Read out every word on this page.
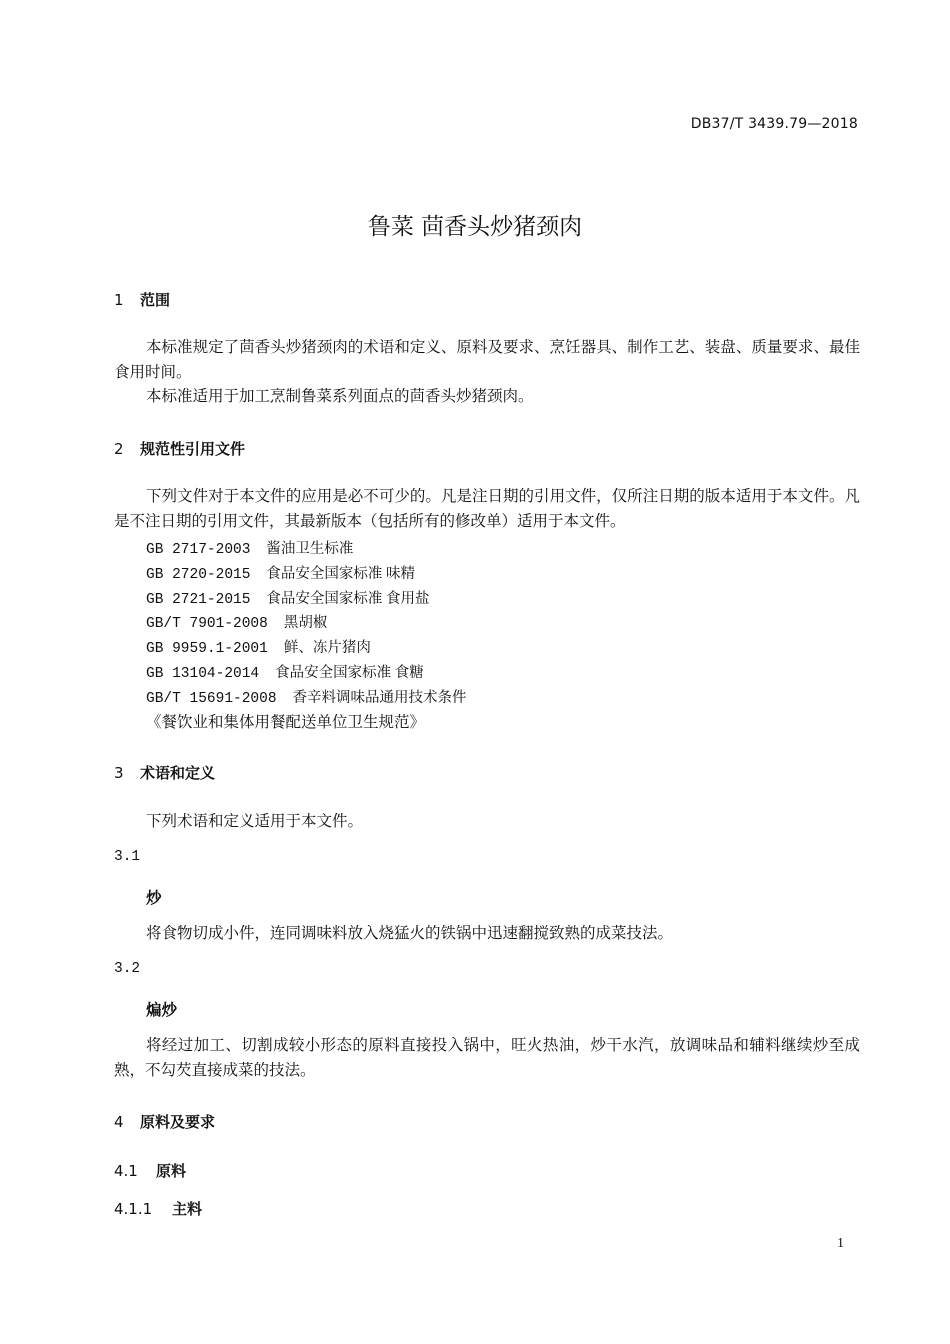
DB37/T 3439.79—2018
鲁菜 茴香头炒猪颈肉
1 范围
本标准规定了茴香头炒猪颈肉的术语和定义、原料及要求、烹饪器具、制作工艺、装盘、质量要求、最佳食用时间。
本标准适用于加工烹制鲁菜系列面点的茴香头炒猪颈肉。
2 规范性引用文件
下列文件对于本文件的应用是必不可少的。凡是注日期的引用文件，仅所注日期的版本适用于本文件。凡是不注日期的引用文件，其最新版本（包括所有的修改单）适用于本文件。
GB 2717-2003 酱油卫生标准
GB 2720-2015 食品安全国家标准 味精
GB 2721-2015 食品安全国家标准 食用盐
GB/T 7901-2008 黑胡椒
GB 9959.1-2001 鲜、冻片猪肉
GB 13104-2014 食品安全国家标准 食糖
GB/T 15691-2008 香辛料调味品通用技术条件
《餐饮业和集体用餐配送单位卫生规范》
3 术语和定义
下列术语和定义适用于本文件。
3.1
炒
将食物切成小件，连同调味料放入烧猛火的铁锅中迅速翻搅致熟的成菜技法。
3.2
煸炒
将经过加工、切割成较小形态的原料直接投入锅中，旺火热油，炒干水汽，放调味品和辅料继续炒至成熟，不勾芡直接成菜的技法。
4 原料及要求
4.1 原料
4.1.1 主料
1
